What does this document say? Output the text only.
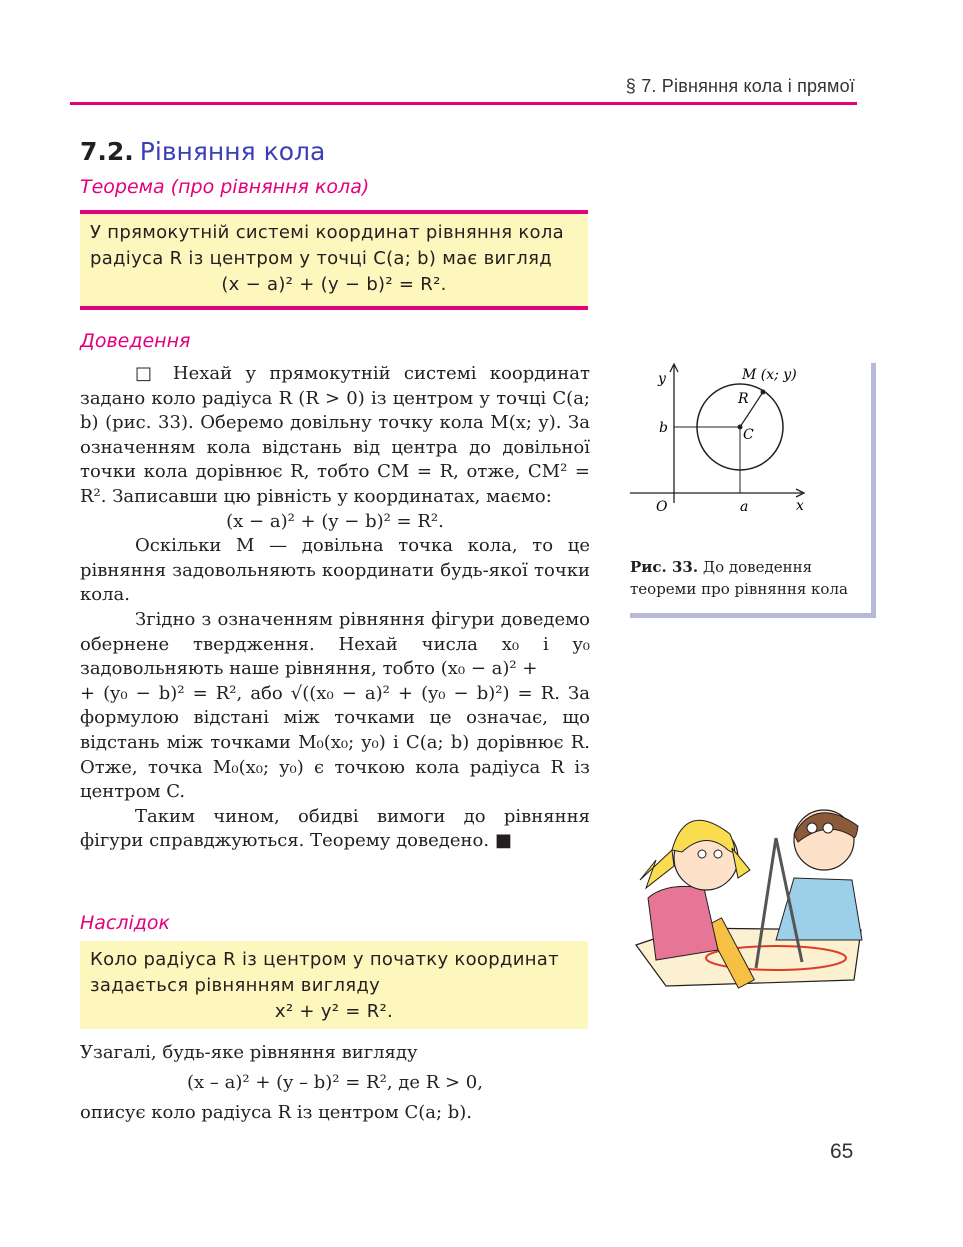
§ 7. Рівняння кола і прямої
7.2. Рівняння кола
Теорема (про рівняння кола)

У прямокутній системі координат рівняння кола

радіуса R із центром у точці C(a; b) має вигляд

(x − a)² + (y − b)² = R².

Доведення

□ Нехай у прямокутній системі координат задано коло радіуса R (R > 0) із центром у точці C(a; b) (рис. 33). Оберемо довільну точку кола M(x; y). За означенням кола відстань від центра до довільної точки кола дорівнює R, тобто CM = R, отже, CM² = R². Записавши цю рівність у координатах, маємо:

(x − a)² + (y − b)² = R².

Оскільки M — довільна точка кола, то це рівняння задовольняють координати будь-якої точки кола.

Згідно з означенням рівняння фігури доведемо обернене твердження. Нехай числа x₀ і y₀ задовольняють наше рівняння, тобто (x₀ − a)² +

+ (y₀ − b)² = R², або √((x₀ − a)² + (y₀ − b)²) = R. За формулою відстані між точками це означає, що відстань між точками M₀(x₀; y₀) і C(a; b) дорівнює R. Отже, точка M₀(x₀; y₀) є точкою кола радіуса R із центром C.

Таким чином, обидві вимоги до рівняння фігури справджуються. Теорему доведено. ■

y
x
O
M (x; y)
R
C
b
a
Рис. 33. До доведення теореми про рівняння кола
Наслідок

Коло радіуса R із центром у початку координат

задається рівнянням вигляду

x² + y² = R².

Узагалі, будь-яке рівняння вигляду

(x – a)² + (y – b)² = R², де R > 0,

описує коло радіуса R із центром C(a; b).

65
